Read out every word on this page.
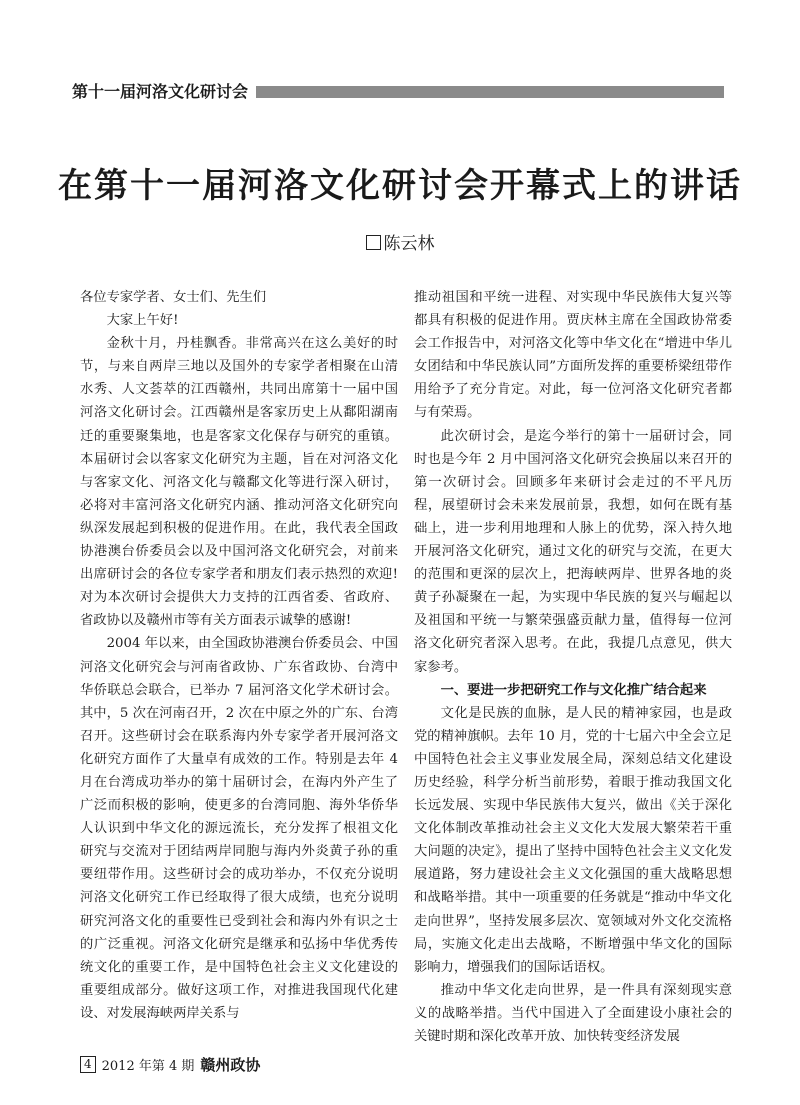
第十一届河洛文化研讨会
在第十一届河洛文化研讨会开幕式上的讲话
陈云林

各位专家学者、女士们、先生们

大家上午好!

金秋十月，丹桂飘香。非常高兴在这么美好的时节，与来自两岸三地以及国外的专家学者相聚在山清水秀、人文荟萃的江西赣州，共同出席第十一届中国河洛文化研讨会。江西赣州是客家历史上从鄱阳湖南迁的重要聚集地，也是客家文化保存与研究的重镇。本届研讨会以客家文化研究为主题，旨在对河洛文化与客家文化、河洛文化与赣鄱文化等进行深入研讨，必将对丰富河洛文化研究内涵、推动河洛文化研究向纵深发展起到积极的促进作用。在此，我代表全国政协港澳台侨委员会以及中国河洛文化研究会，对前来出席研讨会的各位专家学者和朋友们表示热烈的欢迎! 对为本次研讨会提供大力支持的江西省委、省政府、省政协以及赣州市等有关方面表示诚挚的感谢!

2004 年以来，由全国政协港澳台侨委员会、中国河洛文化研究会与河南省政协、广东省政协、台湾中华侨联总会联合，已举办 7 届河洛文化学术研讨会。其中，5 次在河南召开，2 次在中原之外的广东、台湾召开。这些研讨会在联系海内外专家学者开展河洛文化研究方面作了大量卓有成效的工作。特别是去年 4 月在台湾成功举办的第十届研讨会，在海内外产生了广泛而积极的影响，使更多的台湾同胞、海外华侨华人认识到中华文化的源远流长，充分发挥了根祖文化研究与交流对于团结两岸同胞与海内外炎黄子孙的重要纽带作用。这些研讨会的成功举办，不仅充分说明河洛文化研究工作已经取得了很大成绩，也充分说明研究河洛文化的重要性已受到社会和海内外有识之士的广泛重视。河洛文化研究是继承和弘扬中华优秀传统文化的重要工作，是中国特色社会主义文化建设的重要组成部分。做好这项工作，对推进我国现代化建设、对发展海峡两岸关系与

推动祖国和平统一进程、对实现中华民族伟大复兴等都具有积极的促进作用。贾庆林主席在全国政协常委会工作报告中，对河洛文化等中华文化在“增进中华儿女团结和中华民族认同”方面所发挥的重要桥梁纽带作用给予了充分肯定。对此，每一位河洛文化研究者都与有荣焉。

此次研讨会，是迄今举行的第十一届研讨会，同时也是今年 2 月中国河洛文化研究会换届以来召开的第一次研讨会。回顾多年来研讨会走过的不平凡历程，展望研讨会未来发展前景，我想，如何在既有基础上，进一步利用地理和人脉上的优势，深入持久地开展河洛文化研究，通过文化的研究与交流，在更大的范围和更深的层次上，把海峡两岸、世界各地的炎黄子孙凝聚在一起，为实现中华民族的复兴与崛起以及祖国和平统一与繁荣强盛贡献力量，值得每一位河洛文化研究者深入思考。在此，我提几点意见，供大家参考。

一、要进一步把研究工作与文化推广结合起来

文化是民族的血脉，是人民的精神家园，也是政党的精神旗帜。去年 10 月，党的十七届六中全会立足中国特色社会主义事业发展全局，深刻总结文化建设历史经验，科学分析当前形势，着眼于推动我国文化长远发展、实现中华民族伟大复兴，做出《关于深化文化体制改革推动社会主义文化大发展大繁荣若干重大问题的决定》，提出了坚持中国特色社会主义文化发展道路，努力建设社会主义文化强国的重大战略思想和战略举措。其中一项重要的任务就是“推动中华文化走向世界”，坚持发展多层次、宽领域对外文化交流格局，实施文化走出去战略，不断增强中华文化的国际影响力，增强我们的国际话语权。

推动中华文化走向世界，是一件具有深刻现实意义的战略举措。当代中国进入了全面建设小康社会的关键时期和深化改革开放、加快转变经济发展

4 2012 年第 4 期 赣州政协
